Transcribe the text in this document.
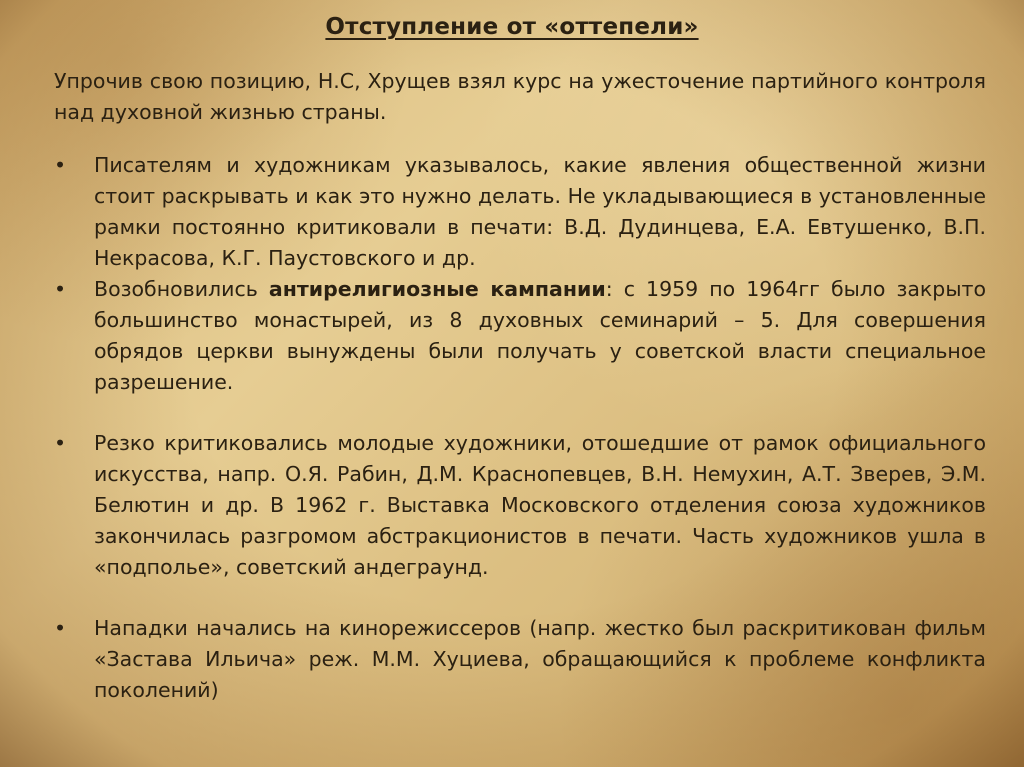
Отступление от «оттепели»

Упрочив свою позицию, Н.С, Хрущев взял курс на ужесточение партийного контроля над духовной жизнью страны.

•	Писателям и художникам указывалось, какие явления общественной жизни стоит раскрывать и как это нужно делать. Не укладывающиеся в установленные рамки постоянно критиковали в печати: В.Д. Дудинцева, Е.А. Евтушенко, В.П. Некрасова, К.Г. Паустовского и др.
•	Возобновились антирелигиозные кампании: с 1959 по 1964гг было закрыто большинство монастырей, из 8 духовных семинарий – 5. Для совершения обрядов церкви вынуждены были получать у советской власти специальное разрешение.
•	Резко критиковались молодые художники, отошедшие от рамок официального искусства, напр. О.Я. Рабин, Д.М. Краснопевцев, В.Н. Немухин, А.Т. Зверев, Э.М. Белютин и др. В 1962 г. Выставка Московского отделения союза художников закончилась разгромом абстракционистов в печати. Часть художников ушла в «подполье», советский андеграунд.
•	Нападки начались на кинорежиссеров (напр. жестко был раскритикован фильм «Застава Ильича» реж. М.М. Хуциева, обращающийся к проблеме конфликта поколений)
